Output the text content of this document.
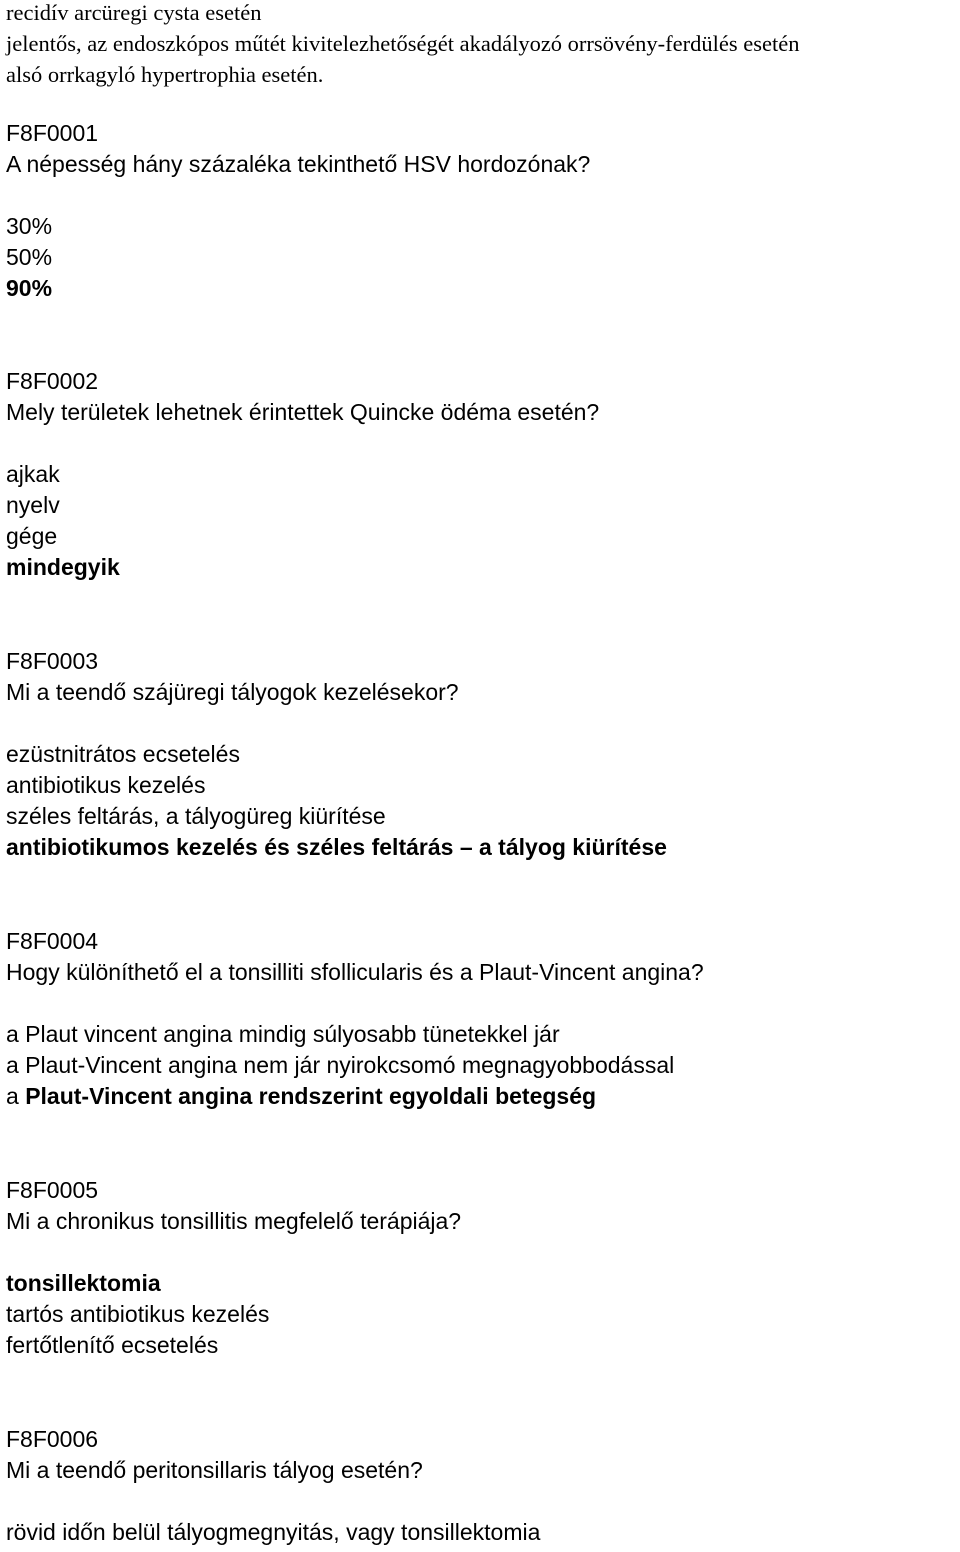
recidív arcüregi cysta esetén
jelentős, az endoszkópos műtét kivitelezhetőségét akadályozó orrsövény-ferdülés esetén
alsó orrkagyló hypertrophia esetén.
F8F0001
A népesség hány százaléka tekinthető HSV hordozónak?
30%
50%
90%
F8F0002
Mely területek lehetnek érintettek Quincke ödéma esetén?
ajkak
nyelv
gége
mindegyik
F8F0003
Mi a teendő szájüregi tályogok kezelésekor?
ezüstnitrátos ecsetelés
antibiotikus kezelés
széles feltárás, a tályogüreg kiürítése
antibiotikumos kezelés és széles feltárás – a tályog kiürítése
F8F0004
Hogy különíthető el a tonsilliti sfollicularis és a Plaut-Vincent angina?
a Plaut vincent angina mindig súlyosabb tünetekkel jár
a Plaut-Vincent angina nem jár nyirokcsomó megnagyobbodással
a Plaut-Vincent angina rendszerint egyoldali betegség
F8F0005
Mi a chronikus tonsillitis megfelelő terápiája?
tonsillektomia
tartós antibiotikus kezelés
fertőtlenítő ecsetelés
F8F0006
Mi a teendő peritonsillaris tályog esetén?
rövid időn belül tályogmegnyitás, vagy tonsillektomia
